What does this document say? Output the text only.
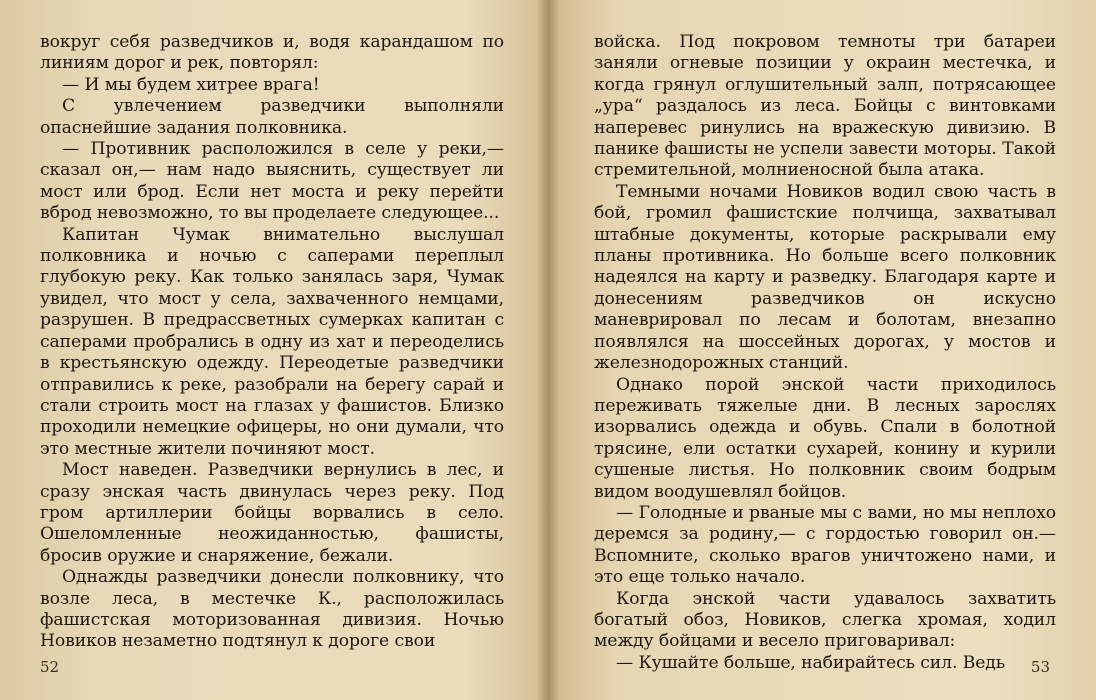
вокруг себя разведчиков и, водя карандашом по линиям дорог и рек, повторял:

— И мы будем хитрее врага!

С увлечением разведчики выполняли опаснейшие задания полковника.

— Противник расположился в селе у реки,— сказал он,— нам надо выяснить, существует ли мост или брод. Если нет моста и реку перейти вброд невозможно, то вы проделаете следующее...

Капитан Чумак внимательно выслушал полковника и ночью с саперами переплыл глубокую реку. Как только занялась заря, Чумак увидел, что мост у села, захваченного немцами, разрушен. В предрассветных сумерках капитан с саперами пробрались в одну из хат и переоделись в крестьянскую одежду. Переодетые разведчики отправились к реке, разобрали на берегу сарай и стали строить мост на глазах у фашистов. Близко проходили немецкие офицеры, но они думали, что это местные жители починяют мост.

Мост наведен. Разведчики вернулись в лес, и сразу энская часть двинулась через реку. Под гром артиллерии бойцы ворвались в село. Ошеломленные неожиданностью, фашисты, бросив оружие и снаряжение, бежали.

Однажды разведчики донесли полковнику, что возле леса, в местечке К., расположилась фашистская моторизованная дивизия. Ночью Новиков незаметно подтянул к дороге свои

52

войска. Под покровом темноты три батареи заняли огневые позиции у окраин местечка, и когда грянул оглушительный залп, потрясающее „ура“ раздалось из леса. Бойцы с винтовками наперевес ринулись на вражескую дивизию. В панике фашисты не успели завести моторы. Такой стремительной, молниеносной была атака.

Темными ночами Новиков водил свою часть в бой, громил фашистские полчища, захватывал штабные документы, которые раскрывали ему планы противника. Но больше всего полковник надеялся на карту и разведку. Благодаря карте и донесениям разведчиков он искусно маневрировал по лесам и болотам, внезапно появлялся на шоссейных дорогах, у мостов и железнодорожных станций.

Однако порой энской части приходилось переживать тяжелые дни. В лесных зарослях изорвались одежда и обувь. Спали в болотной трясине, ели остатки сухарей, конину и курили сушеные листья. Но полковник своим бодрым видом воодушевлял бойцов.

— Голодные и рваные мы с вами, но мы неплохо деремся за родину,— с гордостью говорил он.— Вспомните, сколько врагов уничтожено нами, и это еще только начало.

Когда энской части удавалось захватить богатый обоз, Новиков, слегка хромая, ходил между бойцами и весело приговаривал:

— Кушайте больше, набирайтесь сил. Ведь	53
